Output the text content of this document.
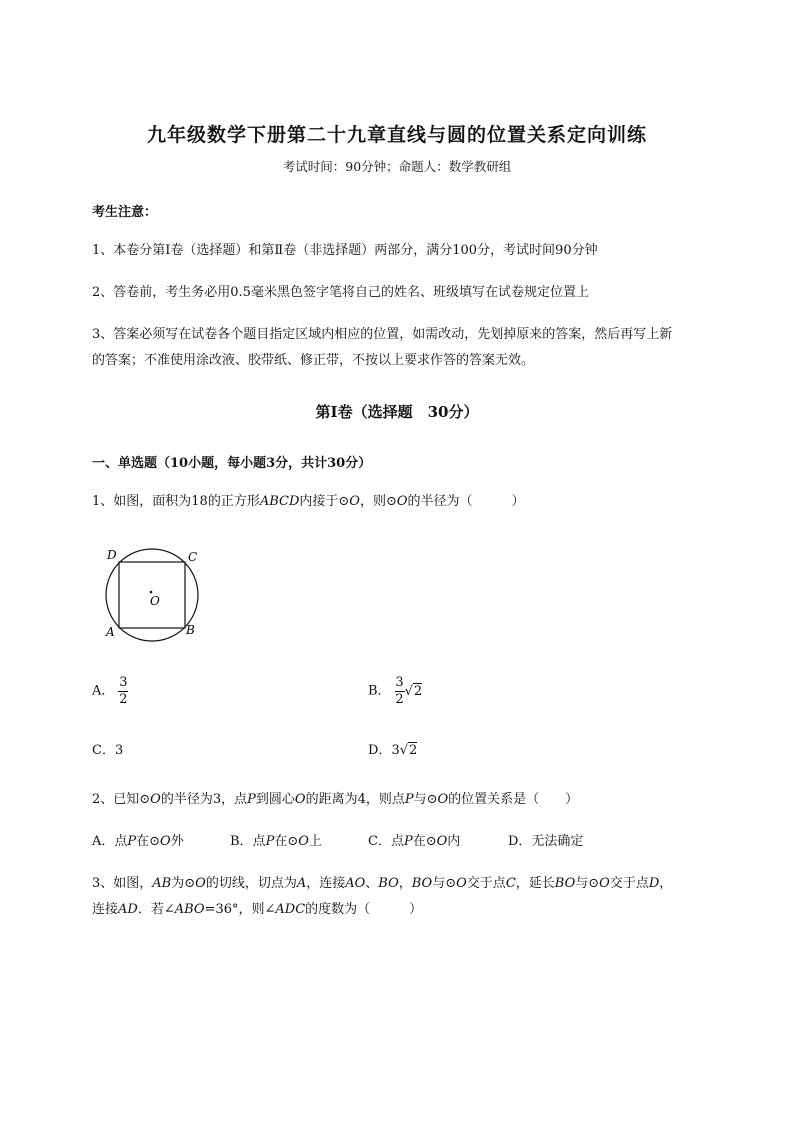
九年级数学下册第二十九章直线与圆的位置关系定向训练
考试时间：90分钟；命题人：数学教研组
考生注意：
1、本卷分第I卷（选择题）和第Ⅱ卷（非选择题）两部分，满分100分，考试时间90分钟
2、答卷前，考生务必用0.5毫米黑色签字笔将自己的姓名、班级填写在试卷规定位置上
3、答案必须写在试卷各个题目指定区域内相应的位置，如需改动，先划掉原来的答案，然后再写上新
的答案；不准使用涂改液、胶带纸、修正带，不按以上要求作答的答案无效。
第I卷（选择题　30分）
一、单选题（10小题，每小题3分，共计30分）
1、如图，面积为18的正方形ABCD内接于⊙O，则⊙O的半径为（　　　）
D	C
A	B
O
A． $\frac{3}{2}$	B． $\frac{3}{2} √2$
C．3	D．3√2
2、已知⊙O的半径为3，点P到圆心O的距离为4，则点P与⊙O的位置关系是（　　）
A．点P在⊙O外	B．点P在⊙O上	C．点P在⊙O内	D．无法确定
3、如图，AB为⊙O的切线，切点为A，连接AO、BO，BO与⊙O交于点C，延长BO与⊙O交于点D，
连接AD．若∠ABO=36°，则∠ADC的度数为（　　　）
